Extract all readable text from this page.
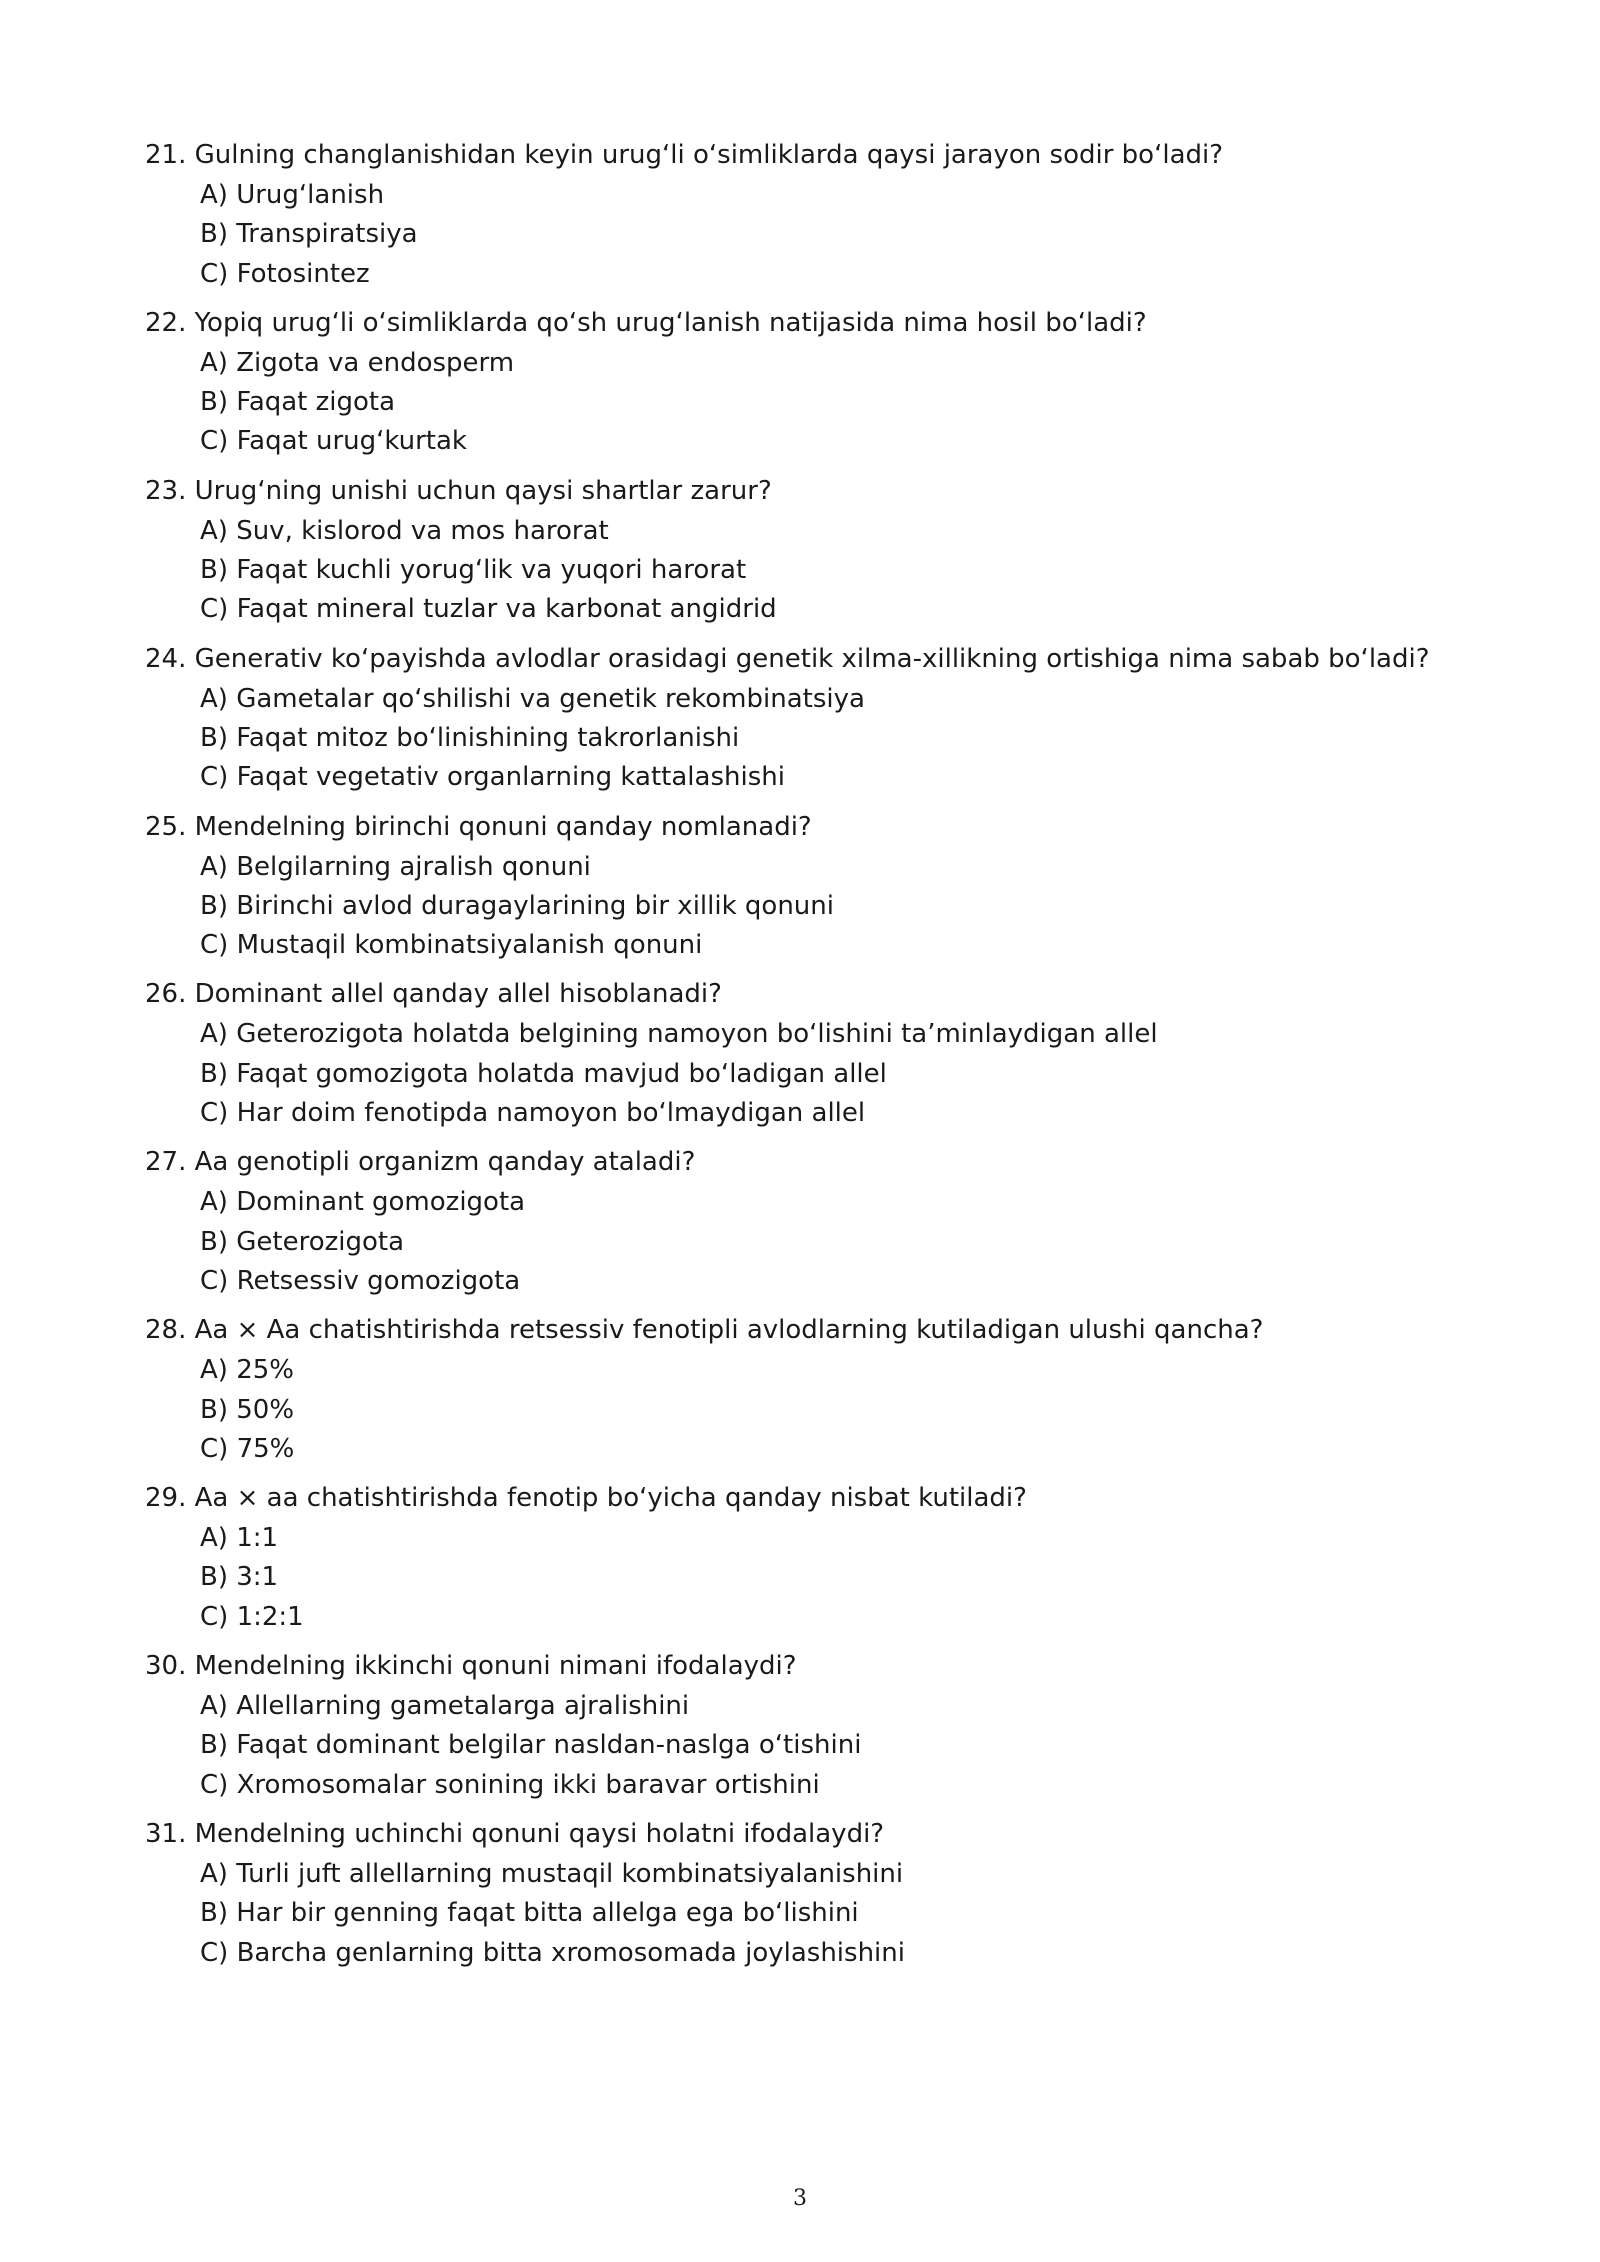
21. Gulning changlanishidan keyin urug‘li o‘simliklarda qaysi jarayon sodir bo‘ladi?

A) Urug‘lanish
B) Transpiratsiya
C) Fotosintez

22. Yopiq urug‘li o‘simliklarda qo‘sh urug‘lanish natijasida nima hosil bo‘ladi?

A) Zigota va endosperm
B) Faqat zigota
C) Faqat urug‘kurtak

23. Urug‘ning unishi uchun qaysi shartlar zarur?

A) Suv, kislorod va mos harorat
B) Faqat kuchli yorug‘lik va yuqori harorat
C) Faqat mineral tuzlar va karbonat angidrid

24. Generativ ko‘payishda avlodlar orasidagi genetik xilma-xillikning ortishiga nima sabab bo‘ladi?

A) Gametalar qo‘shilishi va genetik rekombinatsiya
B) Faqat mitoz bo‘linishining takrorlanishi
C) Faqat vegetativ organlarning kattalashishi

25. Mendelning birinchi qonuni qanday nomlanadi?

A) Belgilarning ajralish qonuni
B) Birinchi avlod duragaylarining bir xillik qonuni
C) Mustaqil kombinatsiyalanish qonuni

26. Dominant allel qanday allel hisoblanadi?

A) Geterozigota holatda belgining namoyon bo‘lishini ta’minlaydigan allel
B) Faqat gomozigota holatda mavjud bo‘ladigan allel
C) Har doim fenotipda namoyon bo‘lmaydigan allel

27. Aa genotipli organizm qanday ataladi?

A) Dominant gomozigota
B) Geterozigota
C) Retsessiv gomozigota

28. Aa × Aa chatishtirishda retsessiv fenotipli avlodlarning kutiladigan ulushi qancha?

A) 25%
B) 50%
C) 75%

29. Aa × aa chatishtirishda fenotip bo‘yicha qanday nisbat kutiladi?

A) 1:1
B) 3:1
C) 1:2:1

30. Mendelning ikkinchi qonuni nimani ifodalaydi?

A) Allellarning gametalarga ajralishini
B) Faqat dominant belgilar nasldan-naslga o‘tishini
C) Xromosomalar sonining ikki baravar ortishini

31. Mendelning uchinchi qonuni qaysi holatni ifodalaydi?

A) Turli juft allellarning mustaqil kombinatsiyalanishini
B) Har bir genning faqat bitta allelga ega bo‘lishini
C) Barcha genlarning bitta xromosomada joylashishini
3
